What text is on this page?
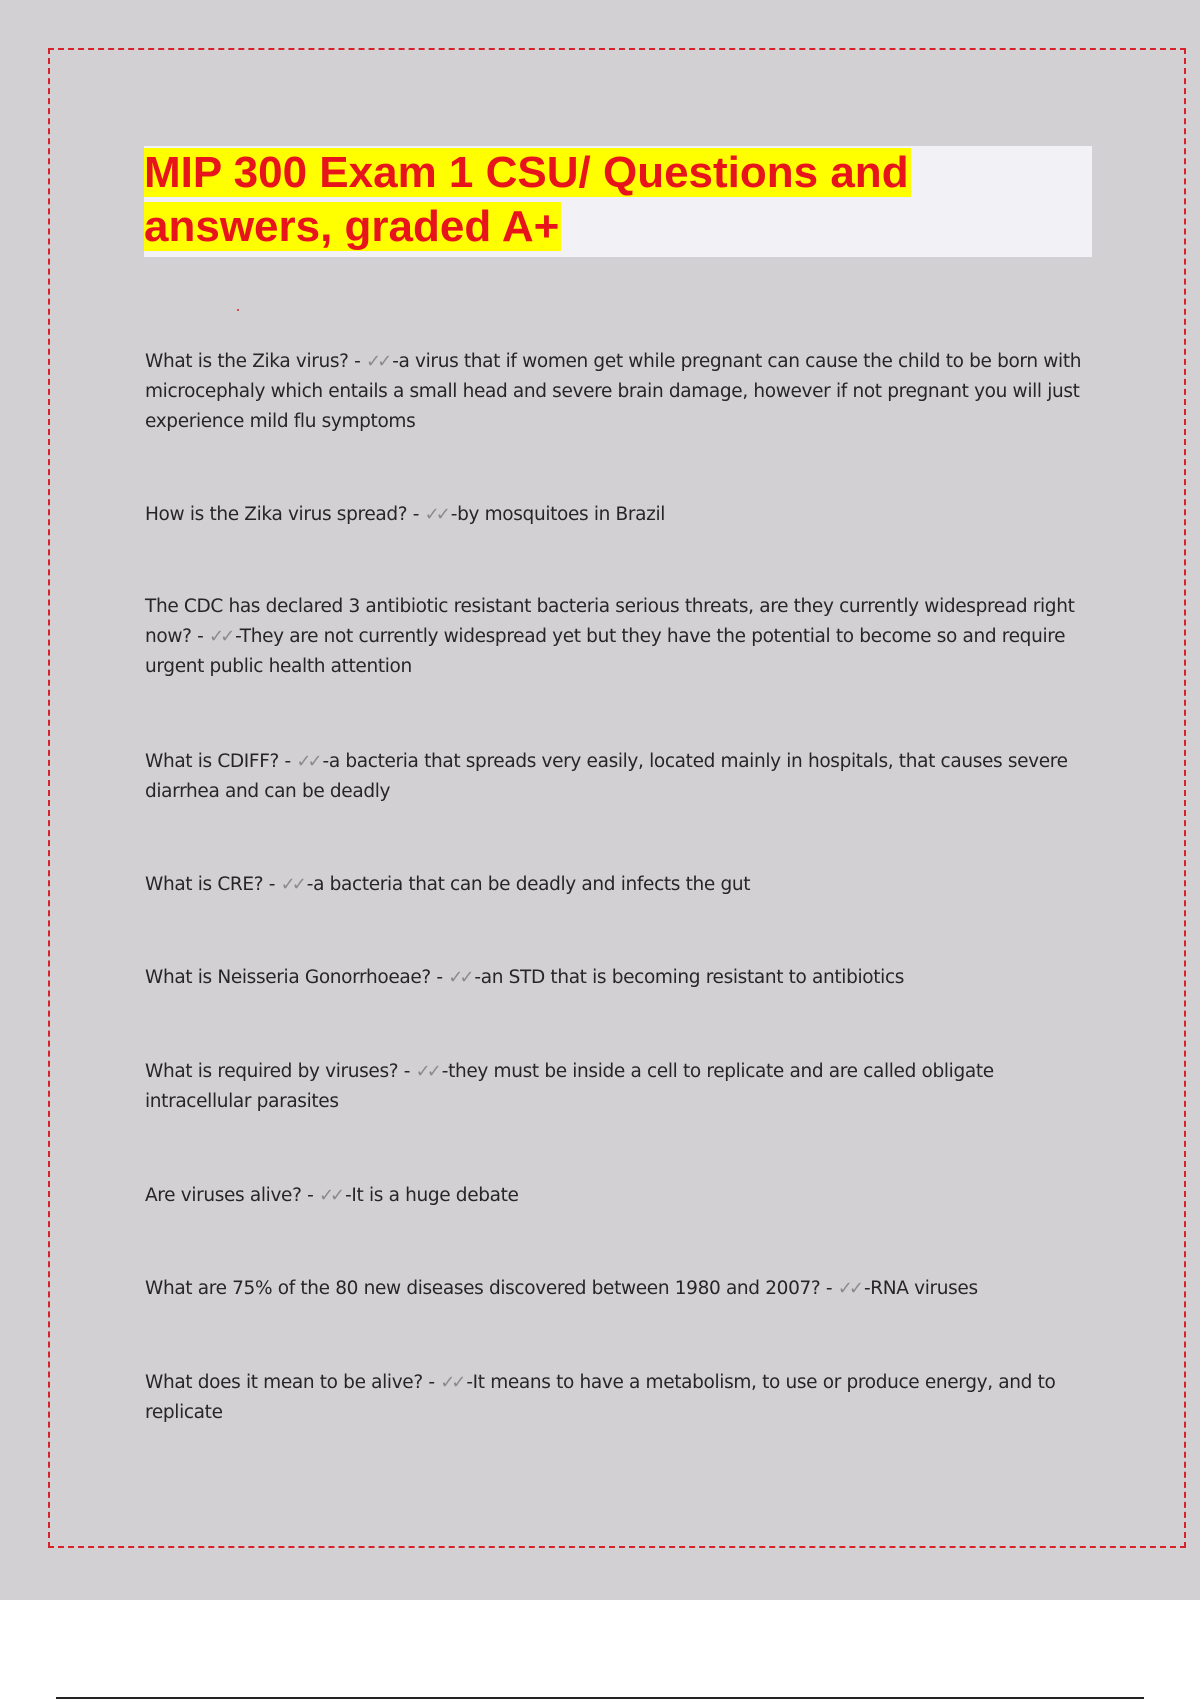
MIP 300 Exam 1 CSU/ Questions and answers, graded A+
What is the Zika virus? - ✓✓ -a virus that if women get while pregnant can cause the child to be born with microcephaly which entails a small head and severe brain damage, however if not pregnant you will just experience mild flu symptoms
How is the Zika virus spread? - ✓✓ -by mosquitoes in Brazil
The CDC has declared 3 antibiotic resistant bacteria serious threats, are they currently widespread right now? - ✓✓ -They are not currently widespread yet but they have the potential to become so and require urgent public health attention
What is CDIFF? - ✓✓ -a bacteria that spreads very easily, located mainly in hospitals, that causes severe diarrhea and can be deadly
What is CRE? - ✓✓ -a bacteria that can be deadly and infects the gut
What is Neisseria Gonorrhoeae? - ✓✓ -an STD that is becoming resistant to antibiotics
What is required by viruses? - ✓✓ -they must be inside a cell to replicate and are called obligate intracellular parasites
Are viruses alive? - ✓✓ -It is a huge debate
What are 75% of the 80 new diseases discovered between 1980 and 2007? - ✓✓ -RNA viruses
What does it mean to be alive? - ✓✓ -It means to have a metabolism, to use or produce energy, and to replicate
